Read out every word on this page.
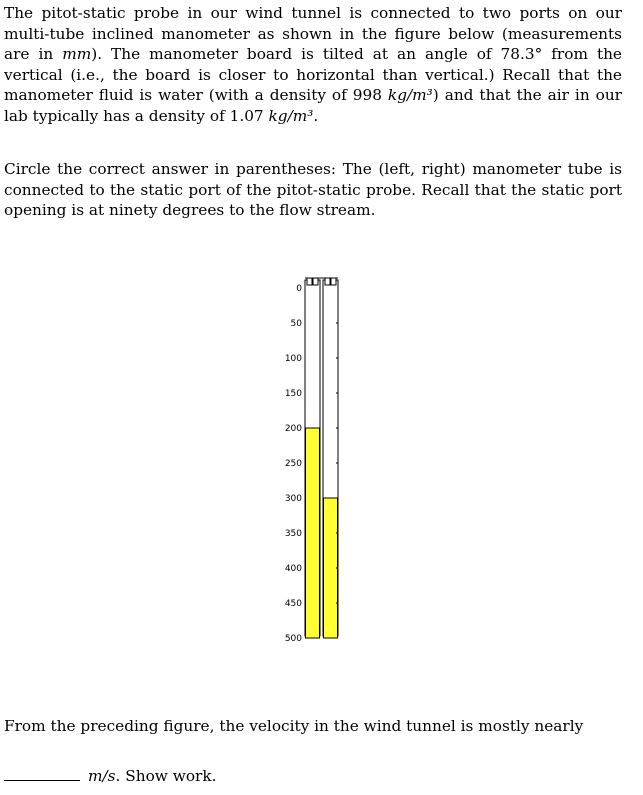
The pitot-static probe in our wind tunnel is connected to two ports on our multi-tube inclined manometer as shown in the figure below (measurements are in mm). The manometer board is tilted at an angle of 78.3° from the vertical (i.e., the board is closer to horizontal than vertical.) Recall that the manometer fluid is water (with a density of 998 kg/m³) and that the air in our lab typically has a density of 1.07 kg/m³.
Circle the correct answer in parentheses: The (left, right) manometer tube is connected to the static port of the pitot-static probe. Recall that the static port opening is at ninety degrees to the flow stream.
0
50
100
150
200
250
300
350
400
450
500
From the preceding figure, the velocity in the wind tunnel is mostly nearly
m/s. Show work.
